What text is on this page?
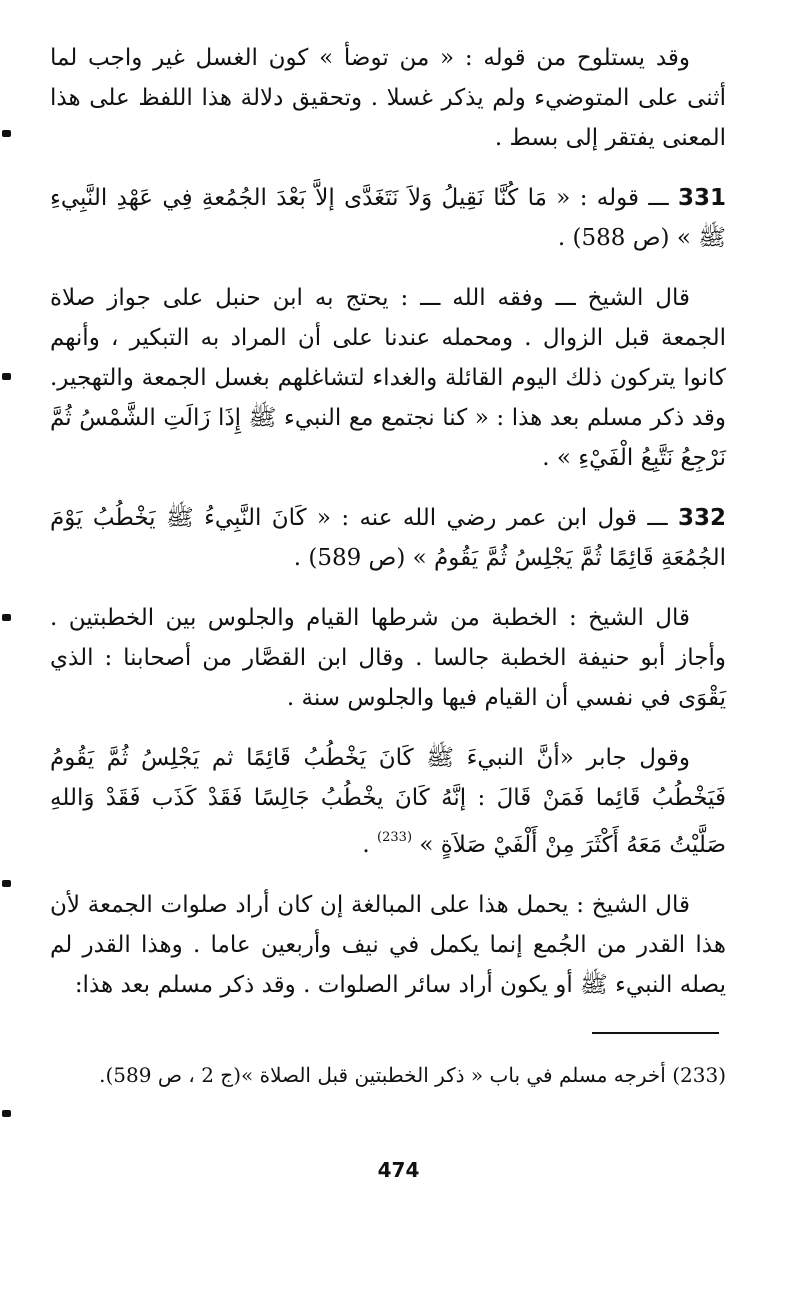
وقد يستلوح من قوله : « من توضأ » كون الغسل غير واجب لما أثنى على المتوضيء ولم يذكر غسلا . وتحقيق دلالة هذا اللفظ على هذا المعنى يفتقر إلى بسط .

331 ـــ قوله : « مَا كُنَّا نَقِيلُ وَلاَ نَتَغَدَّى إلاَّ بَعْدَ الجُمُعةِ فِي عَهْدِ النَّبِيءِ ﷺ » (ص 588) .

قال الشيخ ـــ وفقه الله ـــ : يحتج به ابن حنبل على جواز صلاة الجمعة قبل الزوال . ومحمله عندنا على أن المراد به التبكير ، وأنهم كانوا يتركون ذلك اليوم القائلة والغداء لتشاغلهم بغسل الجمعة والتهجير. وقد ذكر مسلم بعد هذا : « كنا نجتمع مع النبيء ﷺ إِذَا زَالَتِ الشَّمْسُ ثُمَّ نَرْجِعُ نَتَّبِعُ الْفَيْءِ » .

332 ـــ قول ابن عمر رضي الله عنه : « كَانَ النَّبِيءُ ﷺ يَخْطُبُ يَوْمَ الجُمُعَةِ قَائِمًا ثُمَّ يَجْلِسُ ثُمَّ يَقُومُ » (ص 589) .

قال الشيخ : الخطبة من شرطها القيام والجلوس بين الخطبتين . وأجاز أبو حنيفة الخطبة جالسا . وقال ابن القصَّار من أصحابنا : الذي يَقْوَى في نفسي أن القيام فيها والجلوس سنة .

وقول جابر «أنَّ النبيءَ ﷺ كَانَ يَخْطُبُ قَائِمًا ثم يَجْلِسُ ثُمَّ يَقُومُ فَيَخْطُبُ قَائِما فَمَنْ قَالَ : إنَّهُ كَانَ يخْطُبُ جَالِسًا فَقَدْ كَذَب فَقَدْ وَاللهِ صَلَّيْتُ مَعَهُ أَكْثَرَ مِنْ أَلْفَيْ صَلاَةٍ » $^{(233)}$ .

قال الشيخ : يحمل هذا على المبالغة إن كان أراد صلوات الجمعة لأن هذا القدر من الجُمع إنما يكمل في نيف وأربعين عاما . وهذا القدر لم يصله النبيء ﷺ أو يكون أراد سائر الصلوات . وقد ذكر مسلم بعد هذا:

(233) أخرجه مسلم في باب « ذكر الخطبتين قبل الصلاة »(ج 2 ، ص 589).
474
